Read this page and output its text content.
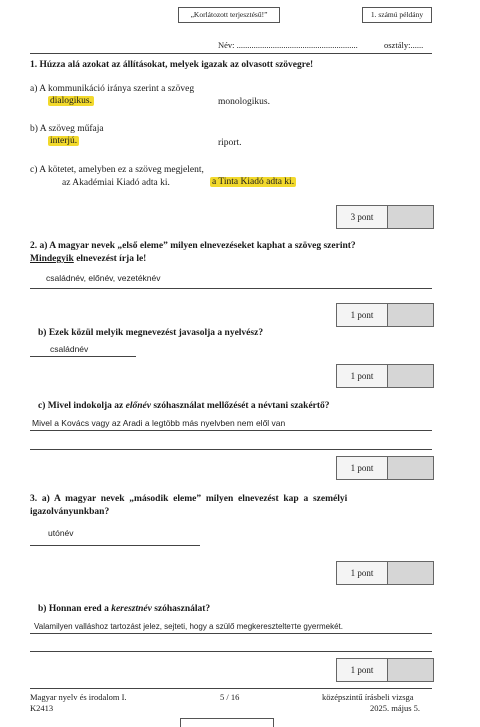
„Korlátozott terjesztésű!”	1. számú példány
Név: .........................................................	osztály:......
1. Húzza alá azokat az állításokat, melyek igazak az olvasott szövegre!
a) A kommunikáció iránya szerint a szöveg
dialogikus.	monologikus.
b) A szöveg műfaja
interjú.	riport.
c) A kötetet, amelyben ez a szöveg megjelent,
az Akadémiai Kiadó adta ki.	a Tinta Kiadó adta ki.
3 pont
2. a) A magyar nevek „első eleme” milyen elnevezéseket kaphat a szöveg szerint?
Mindegyik elnevezést írja le!
családnév, előnév, vezetéknév
1 pont
b) Ezek közül melyik megnevezést javasolja a nyelvész?
családnév
1 pont
c) Mivel indokolja az előnév szóhasználat mellőzését a névtani szakértő?
Mivel a Kovács vagy az Aradi a legtöbb más nyelvben nem elől van
1 pont
3.  a)  A  magyar  nevek  „második  eleme”  milyen  elnevezést  kap  a  személyi
igazolványunkban?
utónév
1 pont
b) Honnan ered a keresztnév szóhasználat?
Valamilyen valláshoz tartozást jelez, sejteti, hogy a szülő megkeresztelteтte gyermekét.
1 pont
Magyar nyelv és irodalom I.
K2413
5 / 16	középszintű írásbeli vizsga
2025. május 5.
